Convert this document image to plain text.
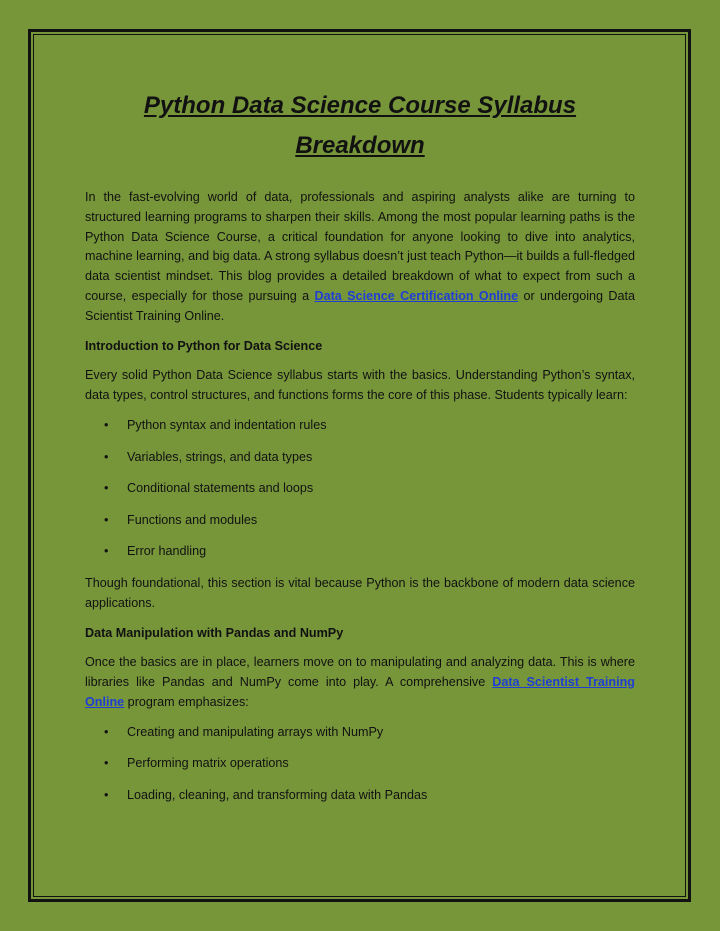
Python Data Science Course Syllabus Breakdown

In the fast-evolving world of data, professionals and aspiring analysts alike are turning to structured learning programs to sharpen their skills. Among the most popular learning paths is the Python Data Science Course, a critical foundation for anyone looking to dive into analytics, machine learning, and big data. A strong syllabus doesn’t just teach Python—it builds a full-fledged data scientist mindset. This blog provides a detailed breakdown of what to expect from such a course, especially for those pursuing a Data Science Certification Online or undergoing Data Scientist Training Online.

Introduction to Python for Data Science

Every solid Python Data Science syllabus starts with the basics. Understanding Python’s syntax, data types, control structures, and functions forms the core of this phase. Students typically learn:

• Python syntax and indentation rules
• Variables, strings, and data types
• Conditional statements and loops
• Functions and modules
• Error handling

Though foundational, this section is vital because Python is the backbone of modern data science applications.

Data Manipulation with Pandas and NumPy

Once the basics are in place, learners move on to manipulating and analyzing data. This is where libraries like Pandas and NumPy come into play. A comprehensive Data Scientist Training Online program emphasizes:

• Creating and manipulating arrays with NumPy
• Performing matrix operations
• Loading, cleaning, and transforming data with Pandas
